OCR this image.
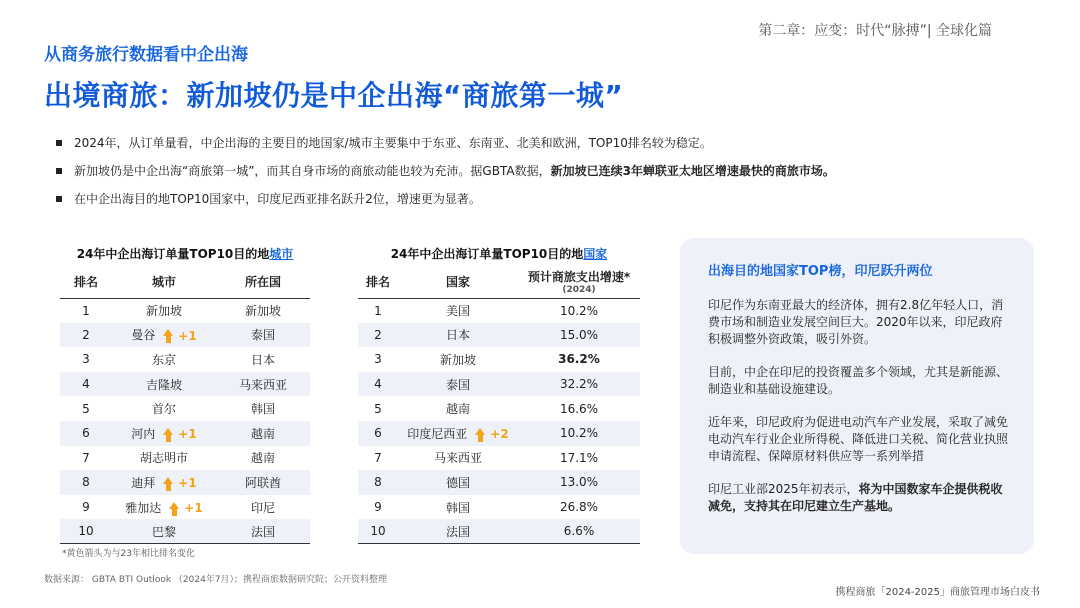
第二章：应变：时代“脉搏”| 全球化篇
从商务旅行数据看中企出海
出境商旅：新加坡仍是中企出海“商旅第一城”
2024年，从订单量看，中企出海的主要目的地国家/城市主要集中于东亚、东南亚、北美和欧洲，TOP10排名较为稳定。
新加坡仍是中企出海“商旅第一城”，而其自身市场的商旅动能也较为充沛。据GBTA数据，新加坡已连续3年蝉联亚太地区增速最快的商旅市场。
在中企出海目的地TOP10国家中，印度尼西亚排名跃升2位，增速更为显著。
24年中企出海订单量TOP10目的地城市
排名	城市	所在国
1	新加坡	新加坡
2	曼谷 +1	泰国
3	东京	日本
4	吉隆坡	马来西亚
5	首尔	韩国
6	河内 +1	越南
7	胡志明市	越南
8	迪拜 +1	阿联酋
9	雅加达 +1	印尼
10	巴黎	法国
24年中企出海订单量TOP10目的地国家
排名	国家	预计商旅支出增速*
(2024)

1	美国	10.2%
2	日本	15.0%
3	新加坡	36.2%
4	泰国	32.2%
5	越南	16.6%
6	印度尼西亚 +2	10.2%
7	马来西亚	17.1%
8	德国	13.0%
9	韩国	26.8%
10	法国	6.6%
*黄色箭头为与23年相比排名变化
数据来源： GBTA BTI Outlook （2024年7月）；携程商旅数据研究院；公开资料整理
携程商旅「2024-2025」商旅管理市场白皮书
出海目的地国家TOP榜，印尼跃升两位

印尼作为东南亚最大的经济体，拥有2.8亿年轻人口，消费市场和制造业发展空间巨大。2020年以来，印尼政府积极调整外资政策，吸引外资。

目前，中企在印尼的投资覆盖多个领域，尤其是新能源、制造业和基础设施建设。

近年来，印尼政府为促进电动汽车产业发展，采取了减免电动汽车行业企业所得税、降低进口关税、简化营业执照申请流程、保障原材料供应等一系列举措

印尼工业部2025年初表示，将为中国数家车企提供税收减免，支持其在印尼建立生产基地。
